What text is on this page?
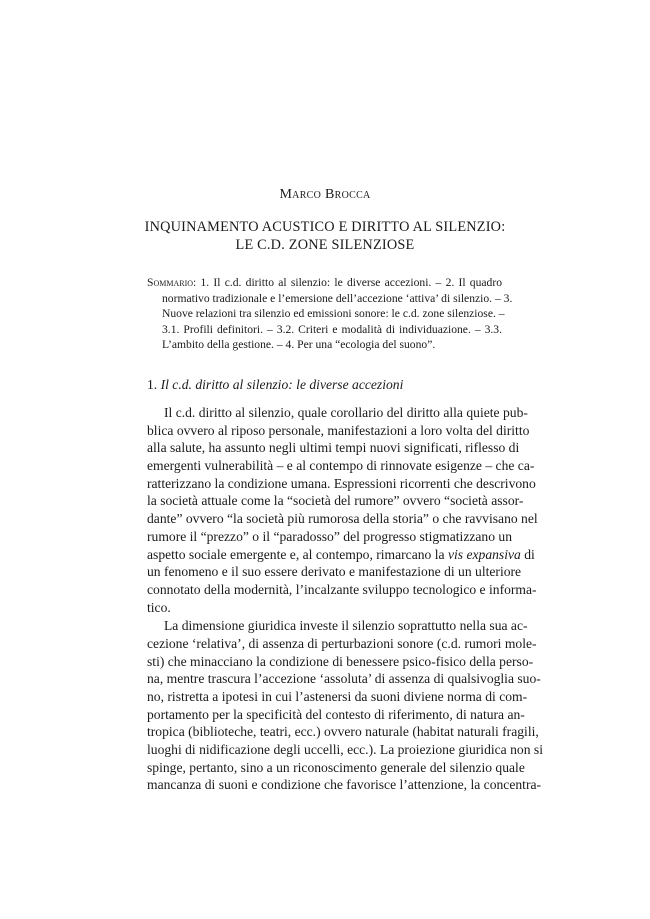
Marco Brocca
INQUINAMENTO ACUSTICO E DIRITTO AL SILENZIO:
LE C.D. ZONE SILENZIOSE
Sommario: 1. Il c.d. diritto al silenzio: le diverse accezioni. – 2. Il quadro
normativo tradizionale e l’emersione dell’accezione ‘attiva’ di silenzio. – 3.
Nuove relazioni tra silenzio ed emissioni sonore: le c.d. zone silenziose. –
3.1. Profili definitori. – 3.2. Criteri e modalità di individuazione. – 3.3.
L’ambito della gestione. – 4. Per una “ecologia del suono”.
1. Il c.d. diritto al silenzio: le diverse accezioni
Il c.d. diritto al silenzio, quale corollario del diritto alla quiete pub-
blica ovvero al riposo personale, manifestazioni a loro volta del diritto
alla salute, ha assunto negli ultimi tempi nuovi significati, riflesso di
emergenti vulnerabilità – e al contempo di rinnovate esigenze – che ca-
ratterizzano la condizione umana. Espressioni ricorrenti che descrivono
la società attuale come la “società del rumore” ovvero “società assor-
dante” ovvero “la società più rumorosa della storia” o che ravvisano nel
rumore il “prezzo” o il “paradosso” del progresso stigmatizzano un
aspetto sociale emergente e, al contempo, rimarcano la vis expansiva di
un fenomeno e il suo essere derivato e manifestazione di un ulteriore
connotato della modernità, l’incalzante sviluppo tecnologico e informa-
tico.
La dimensione giuridica investe il silenzio soprattutto nella sua ac-
cezione ‘relativa’, di assenza di perturbazioni sonore (c.d. rumori mole-
sti) che minacciano la condizione di benessere psico-fisico della perso-
na, mentre trascura l’accezione ‘assoluta’ di assenza di qualsivoglia suo-
no, ristretta a ipotesi in cui l’astenersi da suoni diviene norma di com-
portamento per la specificità del contesto di riferimento, di natura an-
tropica (biblioteche, teatri, ecc.) ovvero naturale (habitat naturali fragili,
luoghi di nidificazione degli uccelli, ecc.). La proiezione giuridica non si
spinge, pertanto, sino a un riconoscimento generale del silenzio quale
mancanza di suoni e condizione che favorisce l’attenzione, la concentra-
